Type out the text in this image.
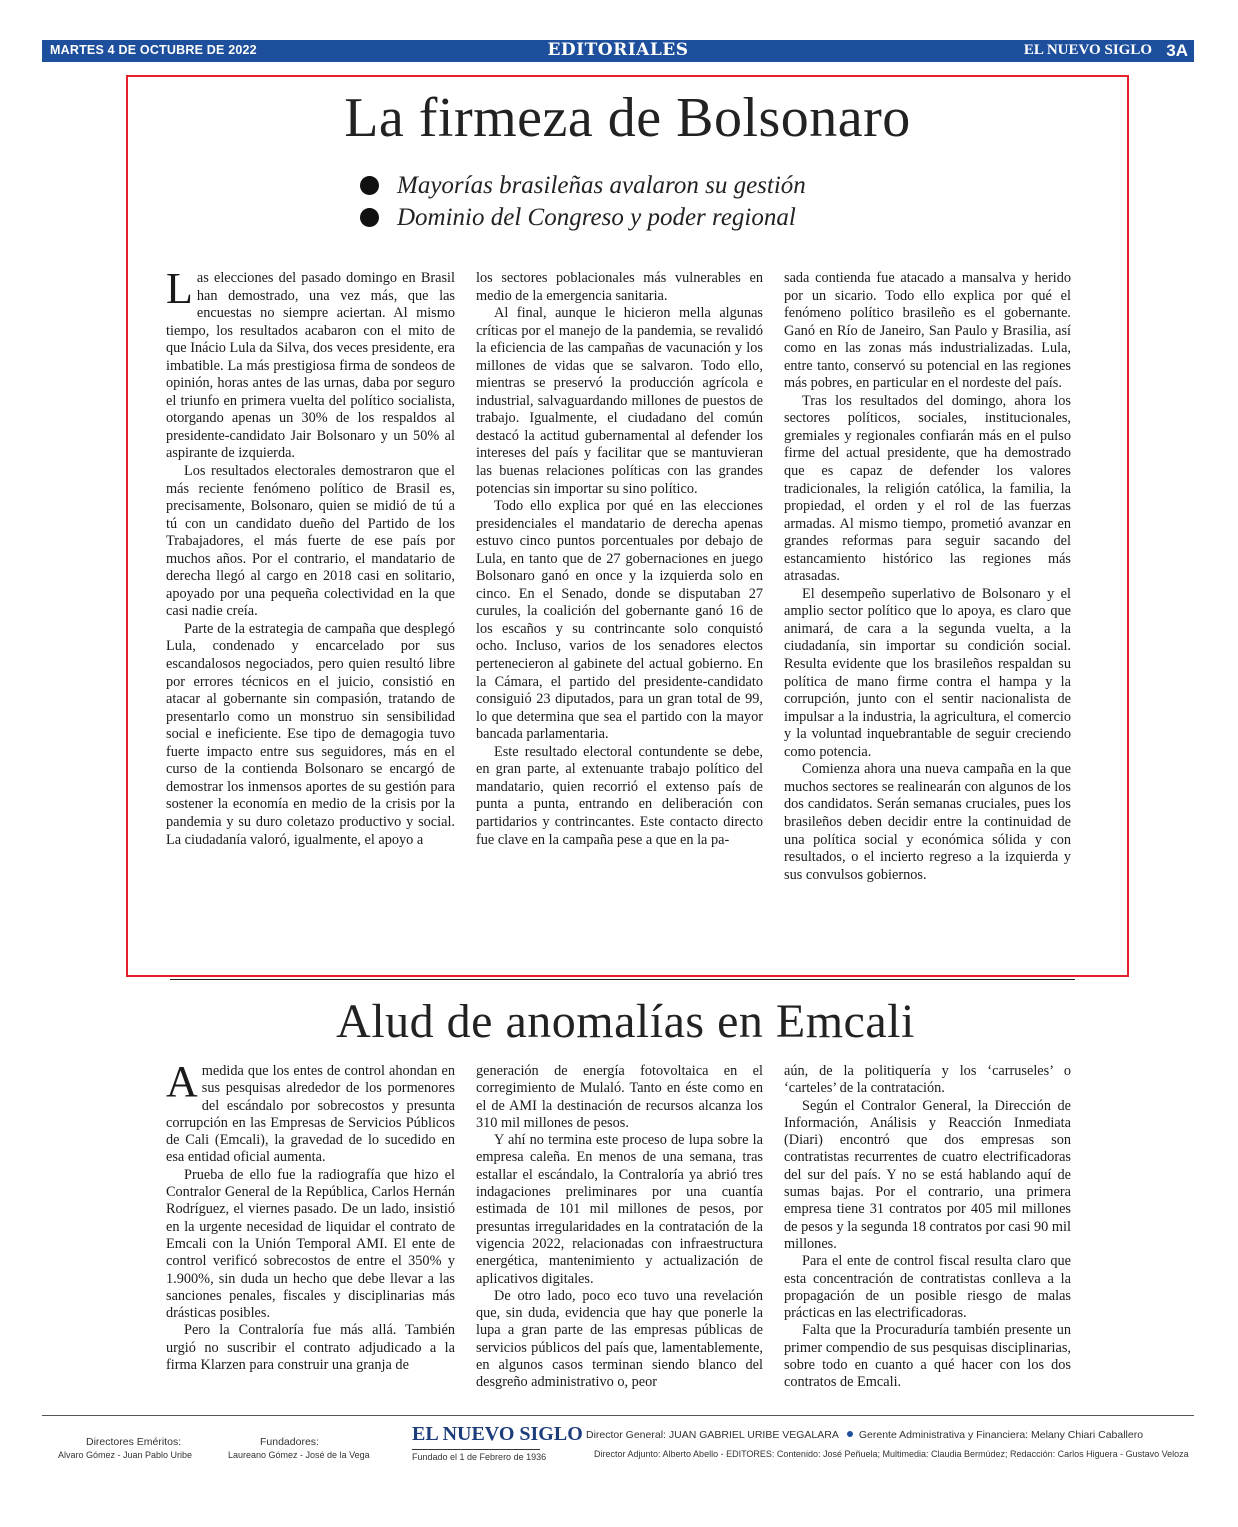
MARTES 4 DE OCTUBRE DE 2022	EDITORIALES	EL NUEVO SIGLO 3A
La firmeza de Bolsonaro
Mayorías brasileñas avalaron su gestión
Dominio del Congreso y poder regional

Las elecciones del pasado domingo en Brasil han demostrado, una vez más, que las encuestas no siempre aciertan. Al mismo tiempo, los resultados acabaron con el mito de que Inácio Lula da Silva, dos veces presidente, era imbatible. La más prestigiosa firma de sondeos de opinión, horas antes de las urnas, daba por seguro el triunfo en primera vuelta del político socialista, otorgando apenas un 30% de los respaldos al presidente-candidato Jair Bolsonaro y un 50% al aspirante de izquierda.

Los resultados electorales demostraron que el más reciente fenómeno político de Brasil es, precisamente, Bolsonaro, quien se midió de tú a tú con un candidato dueño del Partido de los Trabajadores, el más fuerte de ese país por muchos años. Por el contrario, el mandatario de derecha llegó al cargo en 2018 casi en solitario, apoyado por una pequeña colectividad en la que casi nadie creía.

Parte de la estrategia de campaña que desplegó Lula, condenado y encarcelado por sus escandalosos negociados, pero quien resultó libre por errores técnicos en el juicio, consistió en atacar al gobernante sin compasión, tratando de presentarlo como un monstruo sin sensibilidad social e ineficiente. Ese tipo de demagogia tuvo fuerte impacto entre sus seguidores, más en el curso de la contienda Bolsonaro se encargó de demostrar los inmensos aportes de su gestión para sostener la economía en medio de la crisis por la pandemia y su duro coletazo productivo y social. La ciudadanía valoró, igualmente, el apoyo a

los sectores poblacionales más vulnerables en medio de la emergencia sanitaria.

Al final, aunque le hicieron mella algunas críticas por el manejo de la pandemia, se revalidó la eficiencia de las campañas de vacunación y los millones de vidas que se salvaron. Todo ello, mientras se preservó la producción agrícola e industrial, salvaguardando millones de puestos de trabajo. Igualmente, el ciudadano del común destacó la actitud gubernamental al defender los intereses del país y facilitar que se mantuvieran las buenas relaciones políticas con las grandes potencias sin importar su sino político.

Todo ello explica por qué en las elecciones presidenciales el mandatario de derecha apenas estuvo cinco puntos porcentuales por debajo de Lula, en tanto que de 27 gobernaciones en juego Bolsonaro ganó en once y la izquierda solo en cinco. En el Senado, donde se disputaban 27 curules, la coalición del gobernante ganó 16 de los escaños y su contrincante solo conquistó ocho. Incluso, varios de los senadores electos pertenecieron al gabinete del actual gobierno. En la Cámara, el partido del presidente-candidato consiguió 23 diputados, para un gran total de 99, lo que determina que sea el partido con la mayor bancada parlamentaria.

Este resultado electoral contundente se debe, en gran parte, al extenuante trabajo político del mandatario, quien recorrió el extenso país de punta a punta, entrando en deliberación con partidarios y contrincantes. Este contacto directo fue clave en la campaña pese a que en la pa-

sada contienda fue atacado a mansalva y herido por un sicario. Todo ello explica por qué el fenómeno político brasileño es el gobernante. Ganó en Río de Janeiro, San Paulo y Brasilia, así como en las zonas más industrializadas. Lula, entre tanto, conservó su potencial en las regiones más pobres, en particular en el nordeste del país.

Tras los resultados del domingo, ahora los sectores políticos, sociales, institucionales, gremiales y regionales confiarán más en el pulso firme del actual presidente, que ha demostrado que es capaz de defender los valores tradicionales, la religión católica, la familia, la propiedad, el orden y el rol de las fuerzas armadas. Al mismo tiempo, prometió avanzar en grandes reformas para seguir sacando del estancamiento histórico las regiones más atrasadas.

El desempeño superlativo de Bolsonaro y el amplio sector político que lo apoya, es claro que animará, de cara a la segunda vuelta, a la ciudadanía, sin importar su condición social. Resulta evidente que los brasileños respaldan su política de mano firme contra el hampa y la corrupción, junto con el sentir nacionalista de impulsar a la industria, la agricultura, el comercio y la voluntad inquebrantable de seguir creciendo como potencia.

Comienza ahora una nueva campaña en la que muchos sectores se realinearán con algunos de los dos candidatos. Serán semanas cruciales, pues los brasileños deben decidir entre la continuidad de una política social y económica sólida y con resultados, o el incierto regreso a la izquierda y sus convulsos gobiernos.

Alud de anomalías en Emcali

Amedida que los entes de control ahondan en sus pesquisas alrededor de los pormenores del escándalo por sobrecostos y presunta corrupción en las Empresas de Servicios Públicos de Cali (Emcali), la gravedad de lo sucedido en esa entidad oficial aumenta.

Prueba de ello fue la radiografía que hizo el Contralor General de la República, Carlos Hernán Rodríguez, el viernes pasado. De un lado, insistió en la urgente necesidad de liquidar el contrato de Emcali con la Unión Temporal AMI. El ente de control verificó sobrecostos de entre el 350% y 1.900%, sin duda un hecho que debe llevar a las sanciones penales, fiscales y disciplinarias más drásticas posibles.

Pero la Contraloría fue más allá. También urgió no suscribir el contrato adjudicado a la firma Klarzen para construir una granja de

generación de energía fotovoltaica en el corregimiento de Mulaló. Tanto en éste como en el de AMI la destinación de recursos alcanza los 310 mil millones de pesos.

Y ahí no termina este proceso de lupa sobre la empresa caleña. En menos de una semana, tras estallar el escándalo, la Contraloría ya abrió tres indagaciones preliminares por una cuantía estimada de 101 mil millones de pesos, por presuntas irregularidades en la contratación de la vigencia 2022, relacionadas con infraestructura energética, mantenimiento y actualización de aplicativos digitales.

De otro lado, poco eco tuvo una revelación que, sin duda, evidencia que hay que ponerle la lupa a gran parte de las empresas públicas de servicios públicos del país que, lamentablemente, en algunos casos terminan siendo blanco del desgreño administrativo o, peor

aún, de la politiquería y los ‘carruseles’ o ‘carteles’ de la contratación.

Según el Contralor General, la Dirección de Información, Análisis y Reacción Inmediata (Diari) encontró que dos empresas son contratistas recurrentes de cuatro electrificadoras del sur del país. Y no se está hablando aquí de sumas bajas. Por el contrario, una primera empresa tiene 31 contratos por 405 mil millones de pesos y la segunda 18 contratos por casi 90 mil millones.

Para el ente de control fiscal resulta claro que esta concentración de contratistas conlleva a la propagación de un posible riesgo de malas prácticas en las electrificadoras.

Falta que la Procuraduría también presente un primer compendio de sus pesquisas disciplinarias, sobre todo en cuanto a qué hacer con los dos contratos de Emcali.

Directores Eméritos:
Alvaro Gómez - Juan Pablo Uribe
Fundadores:
Laureano Gómez - José de la Vega
EL NUEVO SIGLO
Fundado el 1 de Febrero de 1936
Director General: JUAN GABRIEL URIBE VEGALARA Gerente Administrativa y Financiera: Melany Chiari Caballero
Director Adjunto: Alberto Abello - EDITORES: Contenido: José Peñuela; Multimedia: Claudia Bermúdez; Redacción: Carlos Higuera - Gustavo Veloza
